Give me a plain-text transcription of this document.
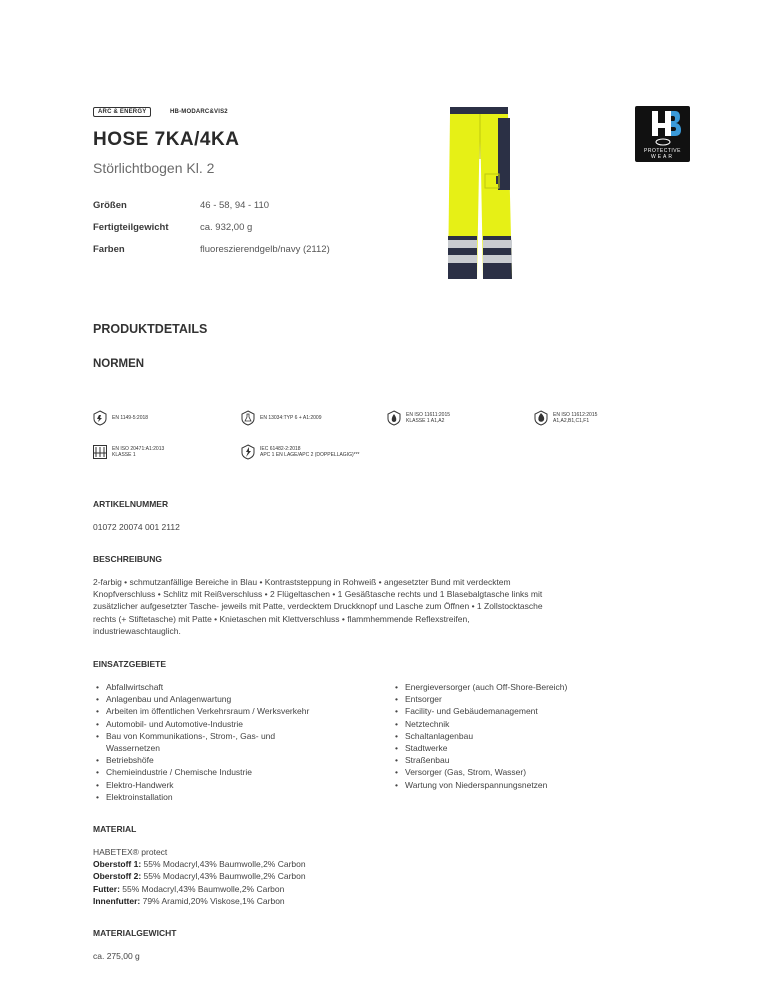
ARC & ENERGY	HB-MODARC&VIS2
HOSE 7KA/4KA
Störlichtbogen Kl. 2
Größen	46 - 58, 94 - 110
Fertigteilgewicht	ca. 932,00 g
Farben	fluoreszierendgelb/navy (2112)
PROTECTIVE
WEAR
PRODUKTDETAILS
NORMEN
EN 1149-5:2018	EN 13034:TYP 6 + A1:2009	EN ISO 11611:2015
KLASSE 1 A1,A2
EN ISO 11612:2015
A1,A2,B1,C1,F1
EN ISO 20471:A1:2013
KLASSE 1
IEC 61482-2:2018
APC 1 EN LAGE/APC 2 (DOPPELLAGIG)***
ARTIKELNUMMER
01072 20074 001 2112
BESCHREIBUNG
2-farbig • schmutzanfällige Bereiche in Blau • Kontraststeppung in Rohweiß • angesetzter Bund mit verdecktem
Knopfverschluss • Schlitz mit Reißverschluss • 2 Flügeltaschen • 1 Gesäßtasche rechts und 1 Blasebalgtasche links mit
zusätzlicher aufgesetzter Tasche- jeweils mit Patte, verdecktem Druckknopf und Lasche zum Öffnen • 1 Zollstocktasche
rechts (+ Stiftetasche) mit Patte • Knietaschen mit Klettverschluss • flammhemmende Reflexstreifen,
industriewaschtauglich.
EINSATZGEBIETE
• Abfallwirtschaft
• Anlagenbau und Anlagenwartung
• Arbeiten im öffentlichen Verkehrsraum / Werksverkehr
• Automobil- und Automotive-Industrie
• Bau von Kommunikations-, Strom-, Gas- und Wassernetzen
• Betriebshöfe
• Chemieindustrie / Chemische Industrie
• Elektro-Handwerk
• Elektroinstallation
• Energieversorger (auch Off-Shore-Bereich)
• Entsorger
• Facility- und Gebäudemanagement
• Netztechnik
• Schaltanlagenbau
• Stadtwerke
• Straßenbau
• Versorger (Gas, Strom, Wasser)
• Wartung von Niederspannungsnetzen
MATERIAL
HABETEX® protect
Oberstoff 1: 55% Modacryl,43% Baumwolle,2% Carbon
Oberstoff 2: 55% Modacryl,43% Baumwolle,2% Carbon
Futter: 55% Modacryl,43% Baumwolle,2% Carbon
Innenfutter: 79% Aramid,20% Viskose,1% Carbon
MATERIALGEWICHT
ca. 275,00 g
